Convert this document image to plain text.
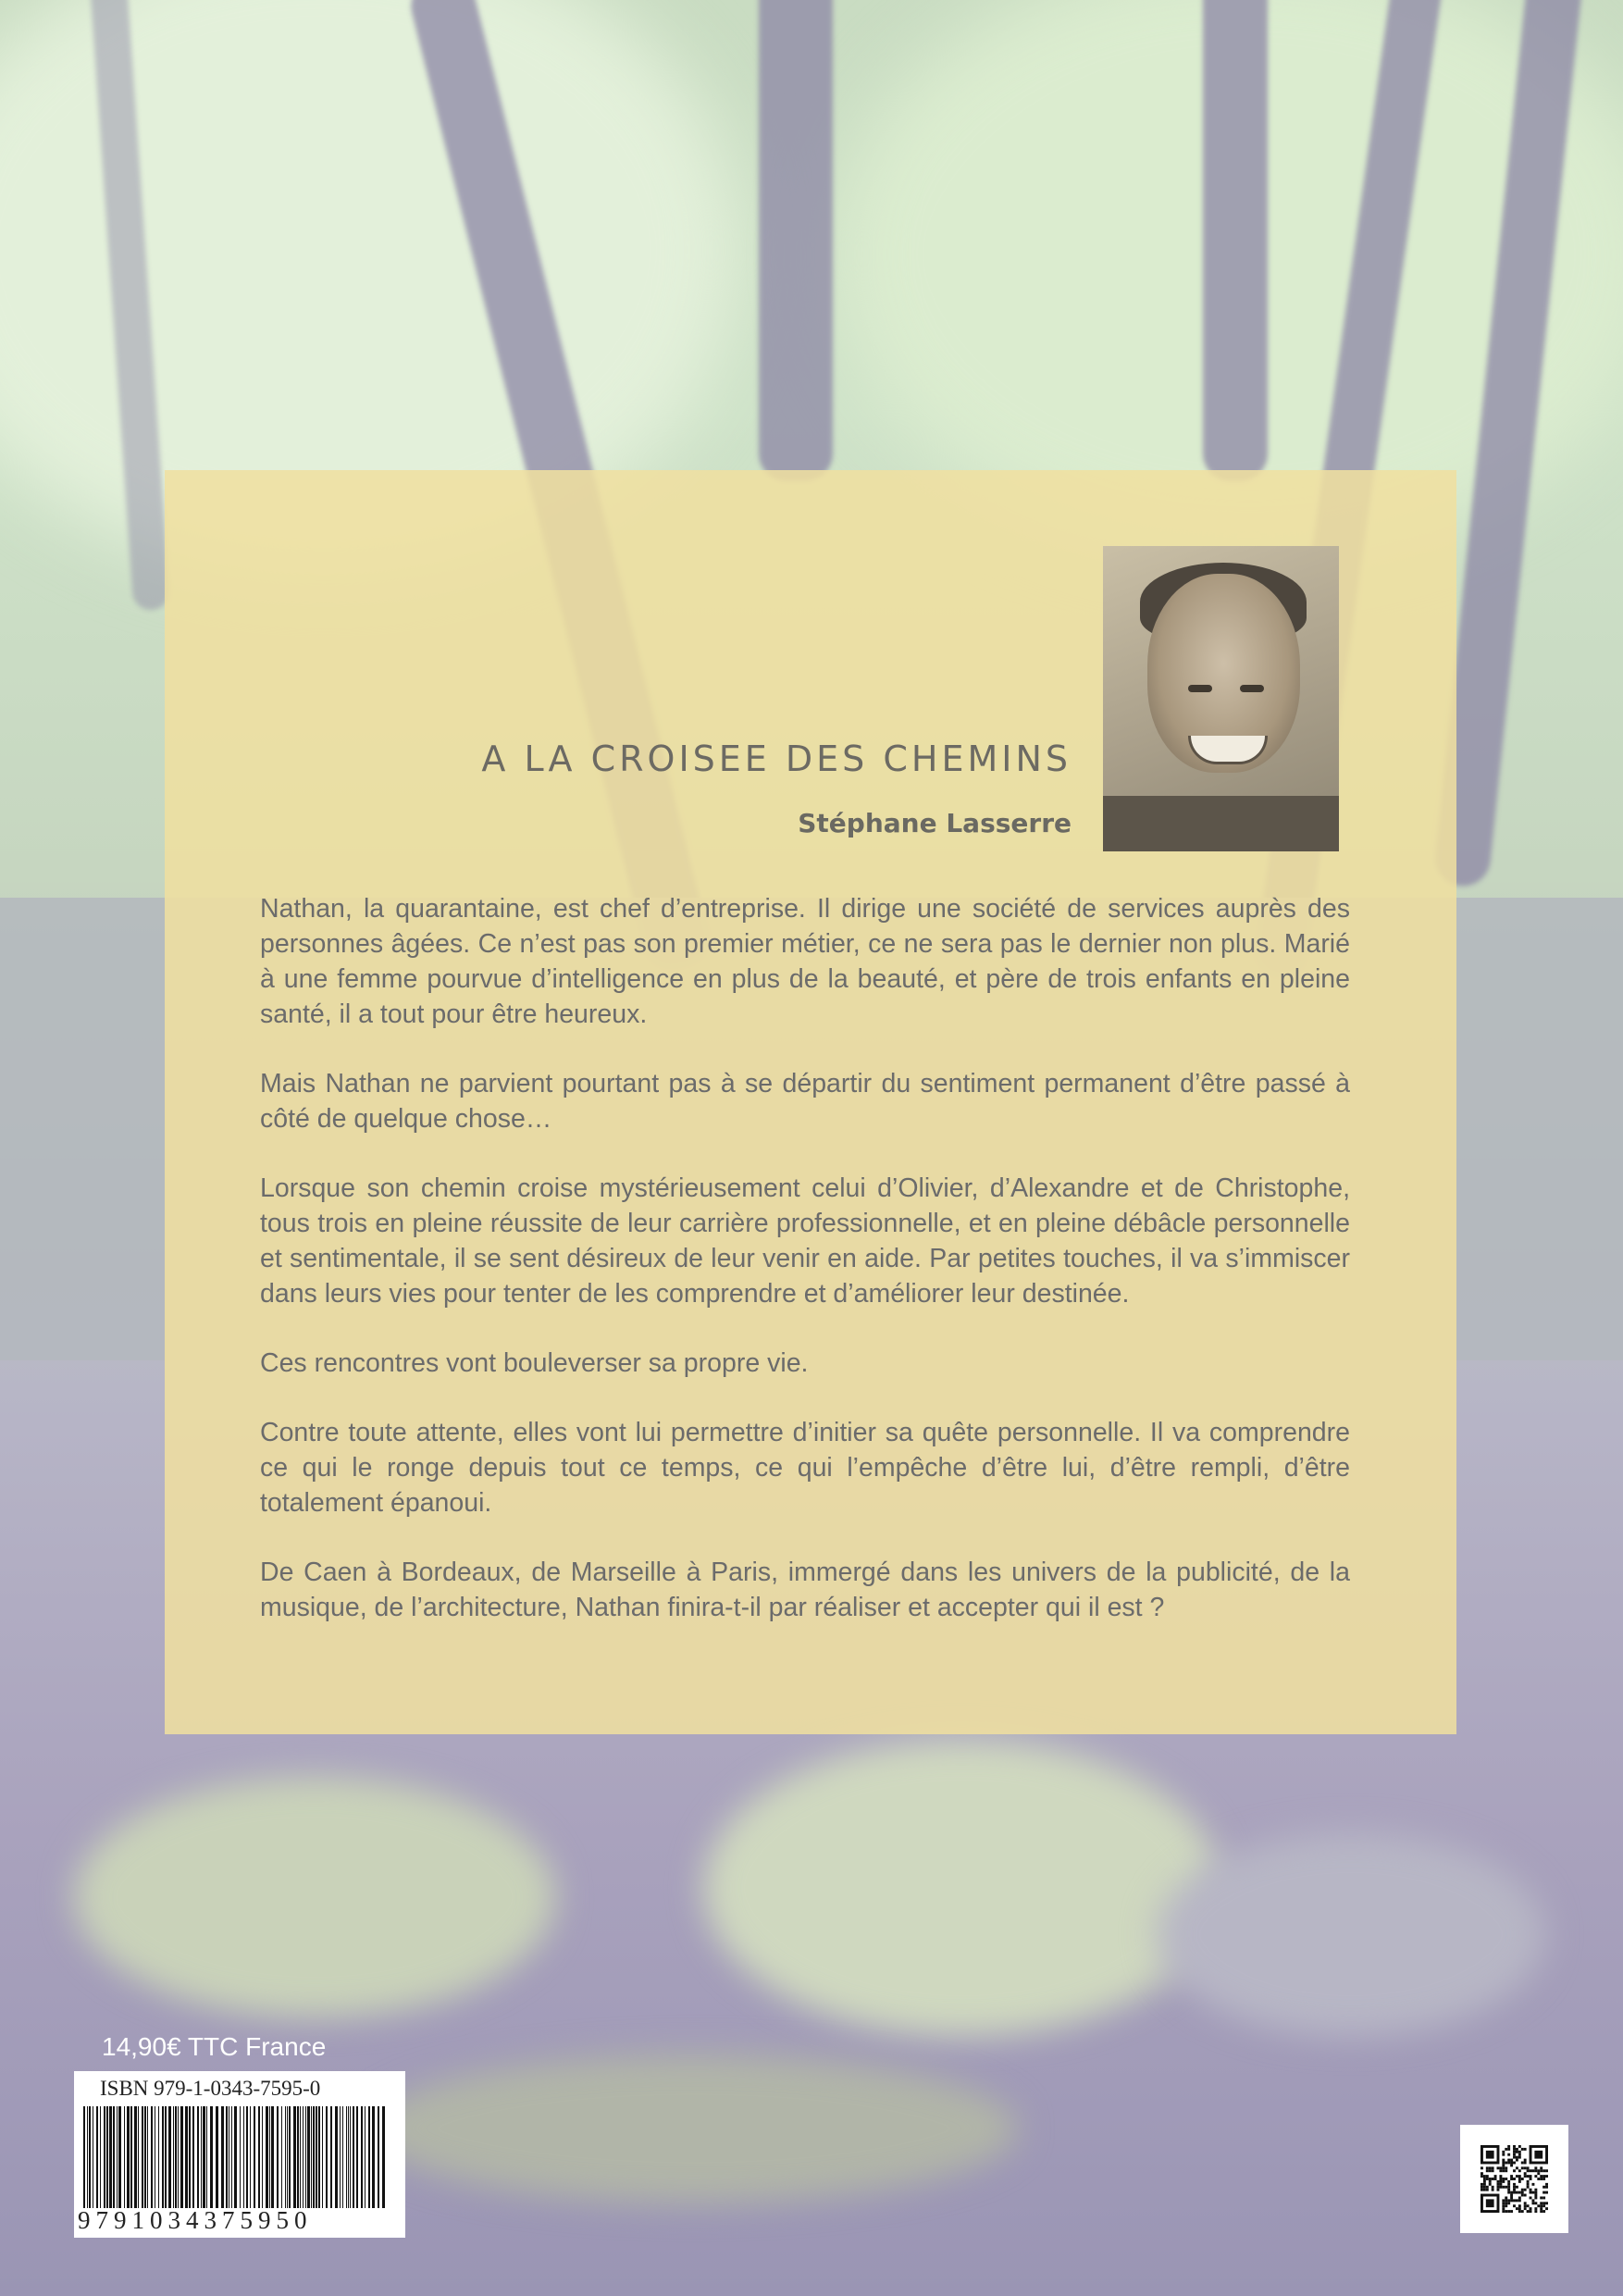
A LA CROISEE DES CHEMINS
Stéphane Lasserre

Nathan, la quarantaine, est chef d’entreprise. Il dirige une société de services auprès des personnes âgées. Ce n’est pas son premier métier, ce ne sera pas le dernier non plus. Marié à une femme pourvue d’intelligence en plus de la beauté, et père de trois enfants en pleine santé, il a tout pour être heureux.

Mais Nathan ne parvient pourtant pas à se départir du sentiment permanent d’être passé à côté de quelque chose…

Lorsque son chemin croise mystérieusement celui d’Olivier, d’Alexandre et de Christophe, tous trois en pleine réussite de leur carrière professionnelle, et en pleine débâcle personnelle et sentimentale, il se sent désireux de leur venir en aide. Par petites touches, il va s’immiscer dans leurs vies pour tenter de les comprendre et d’améliorer leur destinée.

Ces rencontres vont bouleverser sa propre vie.

Contre toute attente, elles vont lui permettre d’initier sa quête personnelle. Il va comprendre ce qui le ronge depuis tout ce temps, ce qui l’empêche d’être lui, d’être rempli, d’être totalement épanoui.

De Caen à Bordeaux, de Marseille à Paris, immergé dans les univers de la publicité, de la musique, de l’architecture, Nathan finira-t-il par réaliser et accepter qui il est ?

14,90€ TTC France
ISBN 979-1-0343-7595-0
9791034375950
